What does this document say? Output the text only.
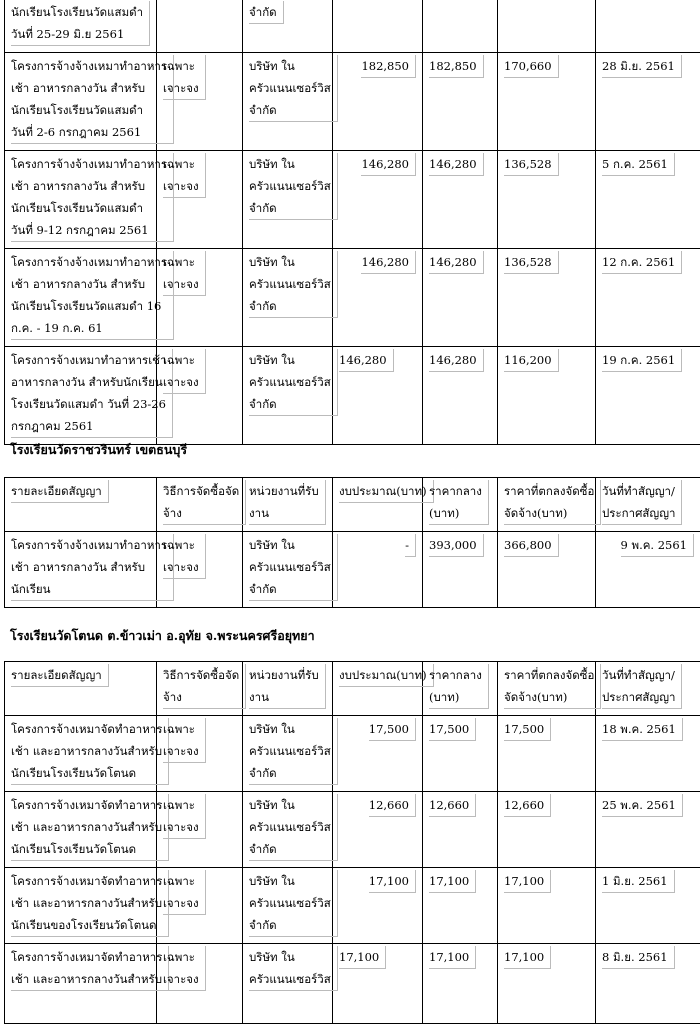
นักเรียนโรงเรียนวัดแสมดำ
วันที่ 25-29 มิ.ย 2561		จำกัด				

โครงการจ้างจ้างเหมาทำอาหาร
เช้า อาหารกลางวัน สำหรับ
นักเรียนโรงเรียนวัดแสมดำ
วันที่ 2-6 กรกฎาคม 2561	เฉพาะ
เจาะจง	บริษัท ใน
ครัวแนนเซอร์วิส
จำกัด	182,850	182,850	170,660	28 มิ.ย. 2561

โครงการจ้างจ้างเหมาทำอาหาร
เช้า อาหารกลางวัน สำหรับ
นักเรียนโรงเรียนวัดแสมดำ
วันที่ 9-12 กรกฎาคม 2561	เฉพาะ
เจาะจง	บริษัท ใน
ครัวแนนเซอร์วิส
จำกัด	146,280	146,280	136,528	5 ก.ค. 2561

โครงการจ้างจ้างเหมาทำอาหาร
เช้า อาหารกลางวัน สำหรับ
นักเรียนโรงเรียนวัดแสมดำ 16
ก.ค. - 19 ก.ค. 61	เฉพาะ
เจาะจง	บริษัท ใน
ครัวแนนเซอร์วิส
จำกัด	146,280	146,280	136,528	12 ก.ค. 2561

โครงการจ้างเหมาทำอาหารเช้า
อาหารกลางวัน สำหรับนักเรียน
โรงเรียนวัดแสมดำ วันที่ 23-26
กรกฎาคม 2561	เฉพาะ
เจาะจง	บริษัท ใน
ครัวแนนเซอร์วิส
จำกัด	146,280	146,280	116,200	19 ก.ค. 2561
โรงเรียนวัดราชวรินทร์ เขตธนบุรี
รายละเอียดสัญญา	วิธีการจัดซื้อจัด
จ้าง	หน่วยงานที่รับ
งาน	งบประมาณ(บาท)	ราคากลาง
(บาท)	ราคาที่ตกลงจัดซื้อ
จัดจ้าง(บาท)	วันที่ทำสัญญา/
ประกาศสัญญา

โครงการจ้างจ้างเหมาทำอาหาร
เช้า อาหารกลางวัน สำหรับ
นักเรียน	เฉพาะ
เจาะจง	บริษัท ใน
ครัวแนนเซอร์วิส
จำกัด	-	393,000	366,800	9 พ.ค. 2561
โรงเรียนวัดโตนด ต.ข้าวเม่า อ.อุทัย จ.พระนครศรีอยุทยา
รายละเอียดสัญญา	วิธีการจัดซื้อจัด
จ้าง	หน่วยงานที่รับ
งาน	งบประมาณ(บาท)	ราคากลาง
(บาท)	ราคาที่ตกลงจัดซื้อ
จัดจ้าง(บาท)	วันที่ทำสัญญา/
ประกาศสัญญา

โครงการจ้างเหมาจัดทำอาหาร
เช้า และอาหารกลางวันสำหรับ
นักเรียนโรงเรียนวัดโตนด	เฉพาะ
เจาะจง	บริษัท ใน
ครัวแนนเซอร์วิส
จำกัด	17,500	17,500	17,500	18 พ.ค. 2561

โครงการจ้างเหมาจัดทำอาหาร
เช้า และอาหารกลางวันสำหรับ
นักเรียนโรงเรียนวัดโตนด	เฉพาะ
เจาะจง	บริษัท ใน
ครัวแนนเซอร์วิส
จำกัด	12,660	12,660	12,660	25 พ.ค. 2561

โครงการจ้างเหมาจัดทำอาหาร
เช้า และอาหารกลางวันสำหรับ
นักเรียนของโรงเรียนวัดโตนด	เฉพาะ
เจาะจง	บริษัท ใน
ครัวแนนเซอร์วิส
จำกัด	17,100	17,100	17,100	1 มิ.ย. 2561

โครงการจ้างเหมาจัดทำอาหาร
เช้า และอาหารกลางวันสำหรับ	เฉพาะ
เจาะจง	บริษัท ใน
ครัวแนนเซอร์วิส	17,100	17,100	17,100	8 มิ.ย. 2561
